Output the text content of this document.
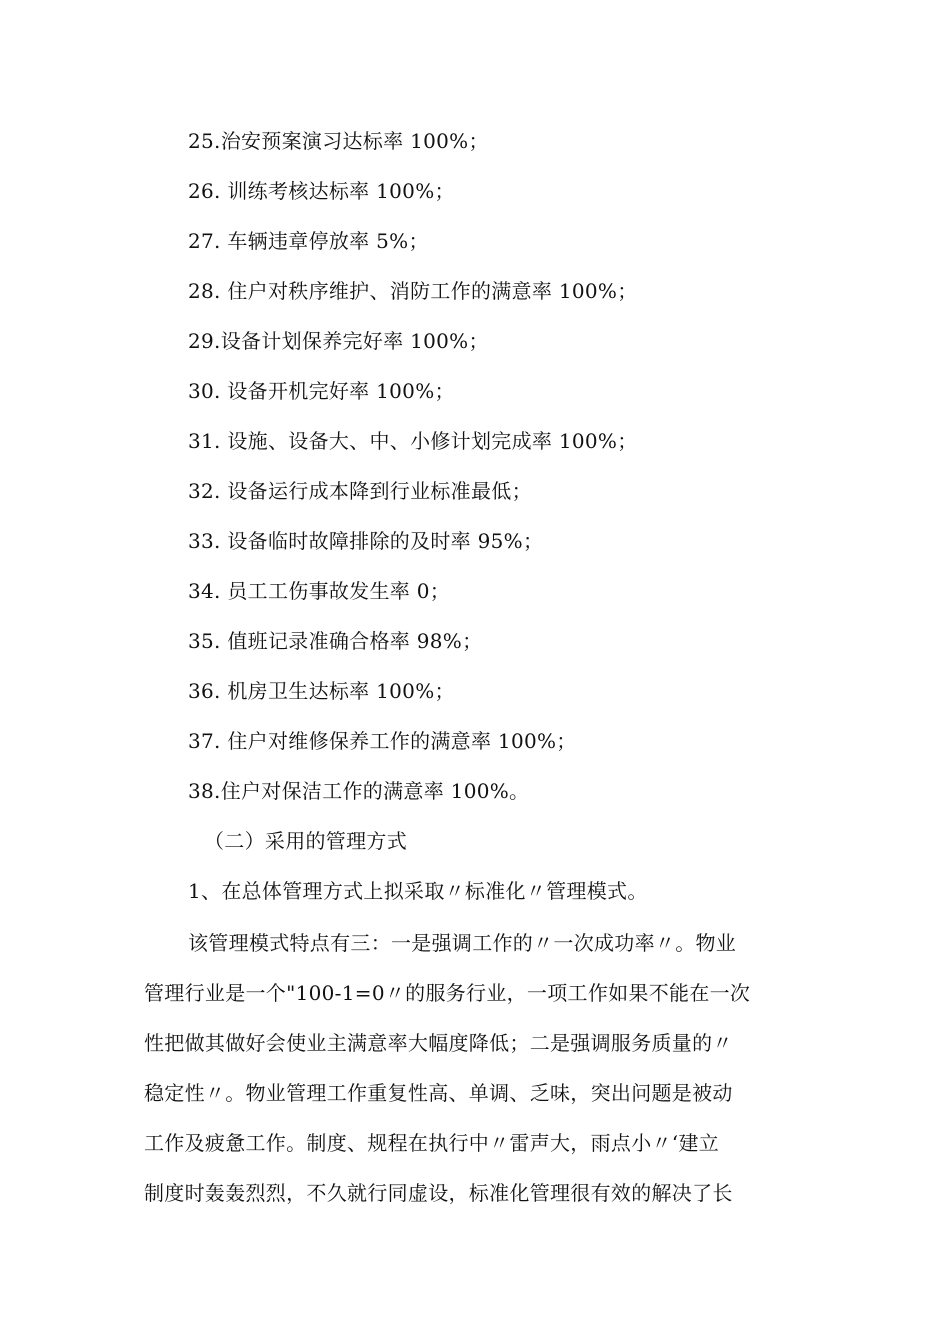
25.治安预案演习达标率 100%；
26. 训练考核达标率 100%；
27. 车辆违章停放率 5%；
28. 住户对秩序维护、消防工作的满意率 100%；
29.设备计划保养完好率 100%；
30. 设备开机完好率 100%；
31. 设施、设备大、中、小修计划完成率 100%；
32. 设备运行成本降到行业标准最低；
33. 设备临时故障排除的及时率 95%；
34. 员工工伤事故发生率 0；
35. 值班记录准确合格率 98%；
36. 机房卫生达标率 100%；
37. 住户对维修保养工作的满意率 100%；
38.住户对保洁工作的满意率 100%。
（二）采用的管理方式
1、在总体管理方式上拟采取〃标准化〃管理模式。
该管理模式特点有三：一是强调工作的〃一次成功率〃。物业
管理行业是一个"100-1=0〃的服务行业，一项工作如果不能在一次
性把做其做好会使业主满意率大幅度降低；二是强调服务质量的〃
稳定性〃。物业管理工作重复性高、单调、乏味，突出问题是被动
工作及疲惫工作。制度、规程在执行中〃雷声大，雨点小〃‘建立
制度时轰轰烈烈，不久就行同虚设，标准化管理很有效的解决了长
